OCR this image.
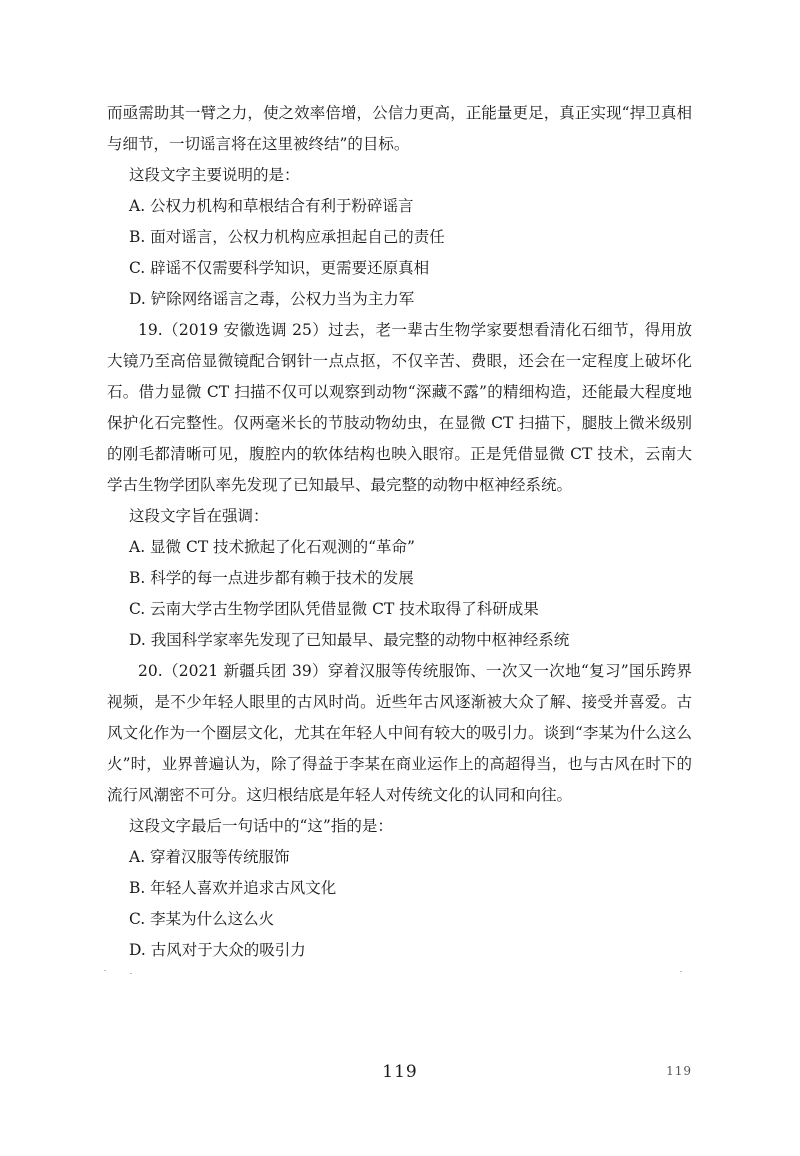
而亟需助其一臂之力，使之效率倍增，公信力更高，正能量更足，真正实现“捍卫真相与细节，一切谣言将在这里被终结”的目标。

这段文字主要说明的是：

A. 公权力机构和草根结合有利于粉碎谣言

B. 面对谣言，公权力机构应承担起自己的责任

C. 辟谣不仅需要科学知识，更需要还原真相

D. 铲除网络谣言之毒，公权力当为主力军

19.（2019 安徽选调 25）过去，老一辈古生物学家要想看清化石细节，得用放大镜乃至高倍显微镜配合钢针一点点抠，不仅辛苦、费眼，还会在一定程度上破坏化石。借力显微 CT 扫描不仅可以观察到动物“深藏不露”的精细构造，还能最大程度地保护化石完整性。仅两毫米长的节肢动物幼虫，在显微 CT 扫描下，腿肢上微米级别的刚毛都清晰可见，腹腔内的软体结构也映入眼帘。正是凭借显微 CT 技术，云南大学古生物学团队率先发现了已知最早、最完整的动物中枢神经系统。

这段文字旨在强调：

A. 显微 CT 技术掀起了化石观测的“革命”

B. 科学的每一点进步都有赖于技术的发展

C. 云南大学古生物学团队凭借显微 CT 技术取得了科研成果

D. 我国科学家率先发现了已知最早、最完整的动物中枢神经系统

20.（2021 新疆兵团 39）穿着汉服等传统服饰、一次又一次地“复习”国乐跨界视频，是不少年轻人眼里的古风时尚。近些年古风逐渐被大众了解、接受并喜爱。古风文化作为一个圈层文化，尤其在年轻人中间有较大的吸引力。谈到“李某为什么这么火”时，业界普遍认为，除了得益于李某在商业运作上的高超得当，也与古风在时下的流行风潮密不可分。这归根结底是年轻人对传统文化的认同和向往。

这段文字最后一句话中的“这”指的是：

A. 穿着汉服等传统服饰

B. 年轻人喜欢并追求古风文化

C. 李某为什么这么火

D. 古风对于大众的吸引力

119	119
